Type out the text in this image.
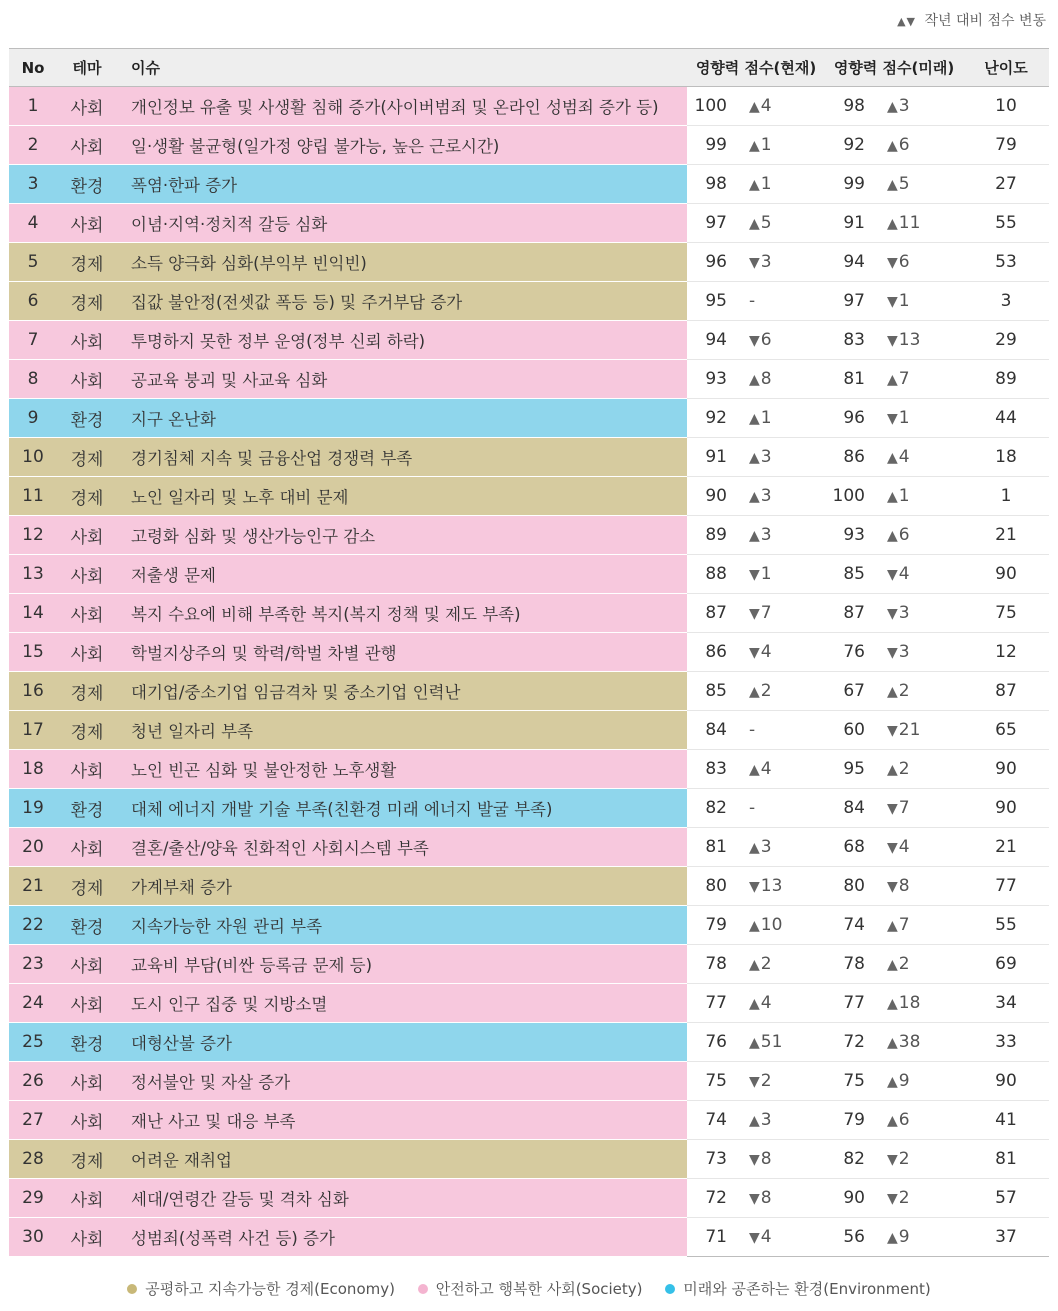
▲▼ 작년 대비 점수 변동
No	테마	이슈	영향력 점수(현재)		영향력 점수(미래)		난이도
1	사회	개인정보 유출 및 사생활 침해 증가(사이버범죄 및 온라인 성범죄 증가 등)	100	▲4	98	▲3	10
2	사회	일·생활 불균형(일가정 양립 불가능, 높은 근로시간)	99	▲1	92	▲6	79
3	환경	폭염·한파 증가	98	▲1	99	▲5	27
4	사회	이념·지역·정치적 갈등 심화	97	▲5	91	▲11	55
5	경제	소득 양극화 심화(부익부 빈익빈)	96	▼3	94	▼6	53
6	경제	집값 불안정(전셋값 폭등 등) 및 주거부담 증가	95	-	97	▼1	3
7	사회	투명하지 못한 정부 운영(정부 신뢰 하락)	94	▼6	83	▼13	29
8	사회	공교육 붕괴 및 사교육 심화	93	▲8	81	▲7	89
9	환경	지구 온난화	92	▲1	96	▼1	44
10	경제	경기침체 지속 및 금융산업 경쟁력 부족	91	▲3	86	▲4	18
11	경제	노인 일자리 및 노후 대비 문제	90	▲3	100	▲1	1
12	사회	고령화 심화 및 생산가능인구 감소	89	▲3	93	▲6	21
13	사회	저출생 문제	88	▼1	85	▼4	90
14	사회	복지 수요에 비해 부족한 복지(복지 정책 및 제도 부족)	87	▼7	87	▼3	75
15	사회	학벌지상주의 및 학력/학벌 차별 관행	86	▼4	76	▼3	12
16	경제	대기업/중소기업 임금격차 및 중소기업 인력난	85	▲2	67	▲2	87
17	경제	청년 일자리 부족	84	-	60	▼21	65
18	사회	노인 빈곤 심화 및 불안정한 노후생활	83	▲4	95	▲2	90
19	환경	대체 에너지 개발 기술 부족(친환경 미래 에너지 발굴 부족)	82	-	84	▼7	90
20	사회	결혼/출산/양육 친화적인 사회시스템 부족	81	▲3	68	▼4	21
21	경제	가계부채 증가	80	▼13	80	▼8	77
22	환경	지속가능한 자원 관리 부족	79	▲10	74	▲7	55
23	사회	교육비 부담(비싼 등록금 문제 등)	78	▲2	78	▲2	69
24	사회	도시 인구 집중 및 지방소멸	77	▲4	77	▲18	34
25	환경	대형산불 증가	76	▲51	72	▲38	33
26	사회	정서불안 및 자살 증가	75	▼2	75	▲9	90
27	사회	재난 사고 및 대응 부족	74	▲3	79	▲6	41
28	경제	어려운 재취업	73	▼8	82	▼2	81
29	사회	세대/연령간 갈등 및 격차 심화	72	▼8	90	▼2	57
30	사회	성범죄(성폭력 사건 등) 증가	71	▼4	56	▲9	37
공평하고 지속가능한 경제(Economy)	안전하고 행복한 사회(Society)	미래와 공존하는 환경(Environment)
